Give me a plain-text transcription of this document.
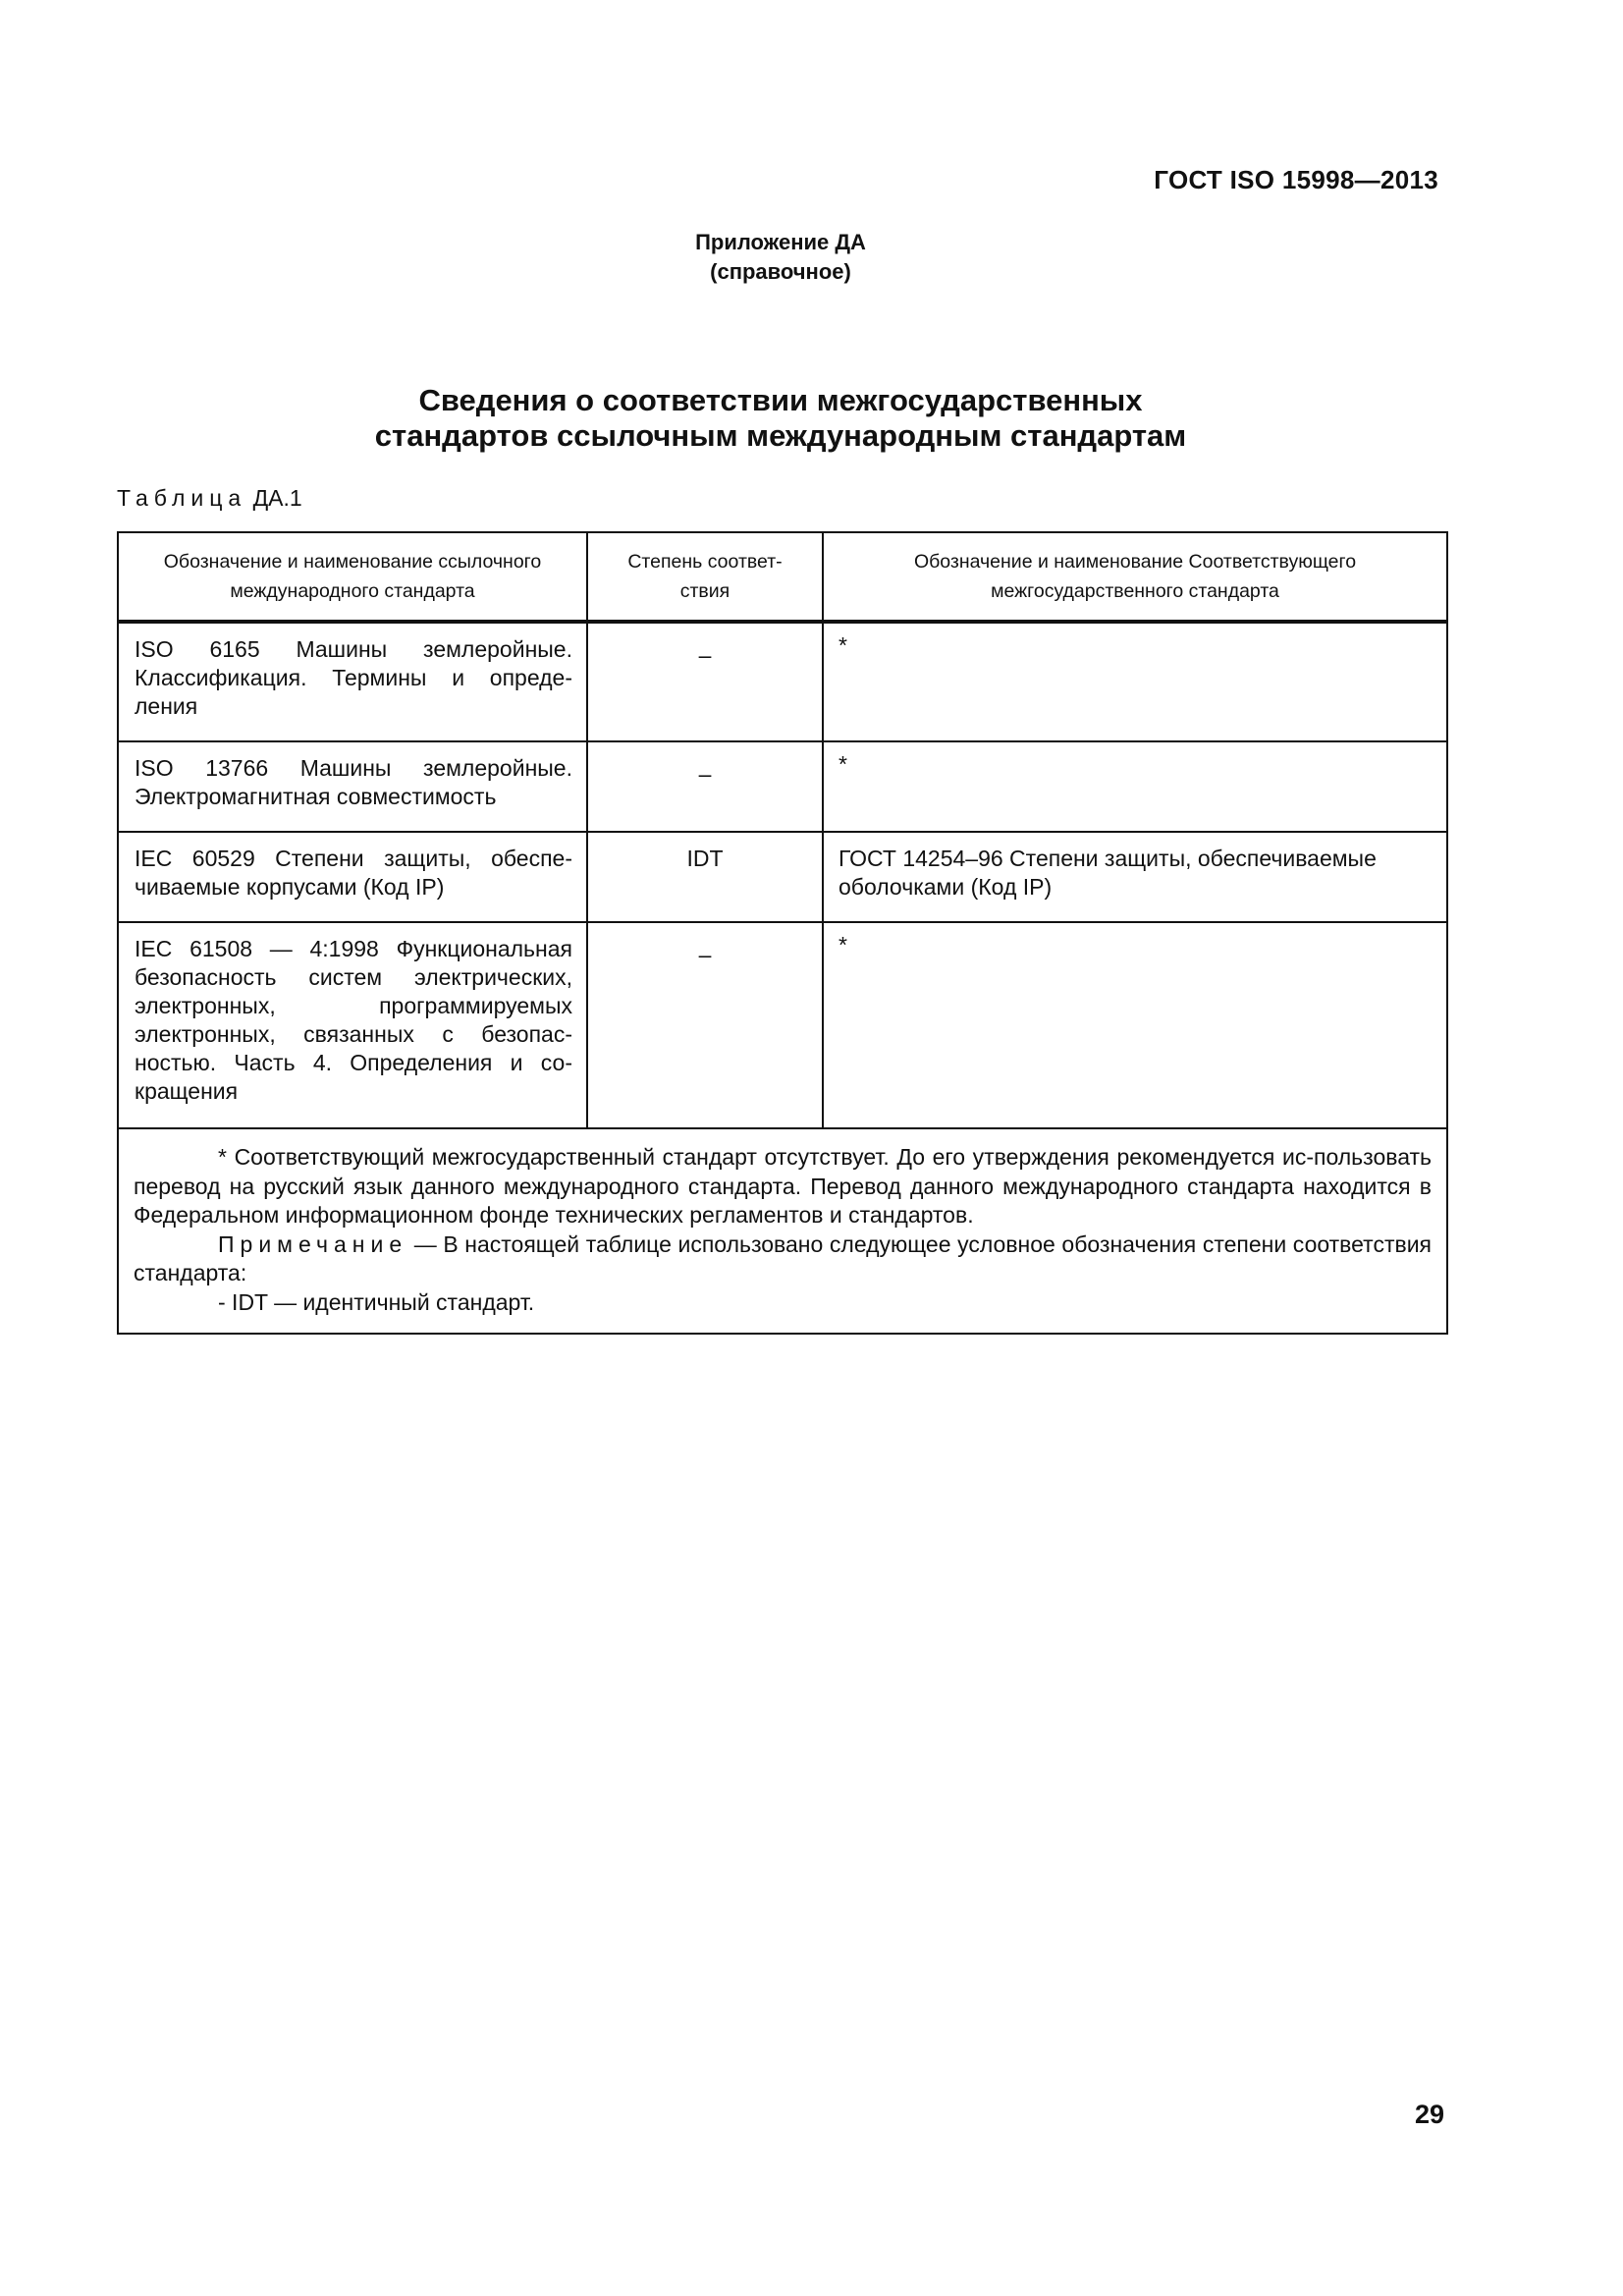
ГОСТ ISO 15998—2013
Приложение ДА
(справочное)
Сведения о соответствии межгосударственных
стандартов ссылочным международным стандартам
Таблица ДА.1
Обозначение и наименование ссылочного международного стандарта	Степень соответ-ствия	Обозначение и наименование Соответствующего межгосударственного стандарта
ISO 6165 Машины землеройные. Классификация. Термины и опреде-ления	–	*
ISO 13766 Машины землеройные. Электромагнитная совместимость	–	*
IEC 60529 Степени защиты, обеспе-чиваемые корпусами (Код IP)	IDT	ГОСТ 14254–96 Степени защиты, обеспечиваемые оболочками (Код IP)
IEC 61508 — 4:1998 Функциональная безопасность систем электрических, электронных, программируемых электронных, связанных с безопас-ностью. Часть 4. Определения и со-кращения	–	*

* Соответствующий межгосударственный стандарт отсутствует. До его утверждения рекомендуется ис-пользовать перевод на русский язык данного международного стандарта. Перевод данного международного стандарта находится в Федеральном информационном фонде технических регламентов и стандартов.

Примечание — В настоящей таблице использовано следующее условное обозначения степени соответствия стандарта:

- IDT — идентичный стандарт.		

29
